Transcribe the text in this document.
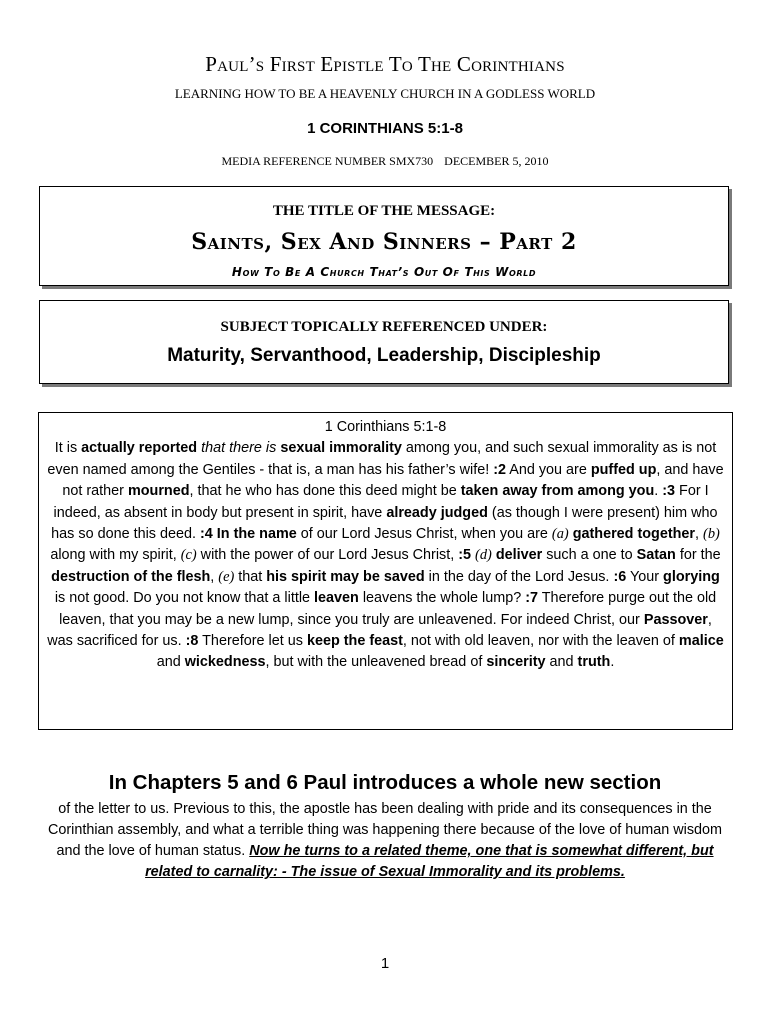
Paul’s First Epistle To The Corinthians
LEARNING HOW TO BE A HEAVENLY CHURCH IN A GODLESS WORLD
1 CORINTHIANS 5:1-8
MEDIA REFERENCE NUMBER SMX730 DECEMBER 5, 2010
THE TITLE OF THE MESSAGE:
Saints, Sex And Sinners – Part 2
How To Be A Church That’s Out Of This World
SUBJECT TOPICALLY REFERENCED UNDER:
Maturity, Servanthood, Leadership, Discipleship
1 Corinthians 5:1-8
It is actually reported that there is sexual immorality among you, and such sexual immorality as is not even named among the Gentiles - that is, a man has his father’s wife! :2 And you are puffed up, and have not rather mourned, that he who has done this deed might be taken away from among you. :3 For I indeed, as absent in body but present in spirit, have already judged (as though I were present) him who has so done this deed. :4 In the name of our Lord Jesus Christ, when you are (a) gathered together, (b) along with my spirit, (c) with the power of our Lord Jesus Christ, :5 (d) deliver such a one to Satan for the destruction of the flesh, (e) that his spirit may be saved in the day of the Lord Jesus. :6 Your glorying is not good. Do you not know that a little leaven leavens the whole lump? :7 Therefore purge out the old leaven, that you may be a new lump, since you truly are unleavened. For indeed Christ, our Passover, was sacrificed for us. :8 Therefore let us keep the feast, not with old leaven, nor with the leaven of malice and wickedness, but with the unleavened bread of sincerity and truth.
In Chapters 5 and 6 Paul introduces a whole new section
of the letter to us. Previous to this, the apostle has been dealing with pride and its consequences in the Corinthian assembly, and what a terrible thing was happening there because of the love of human wisdom and the love of human status. Now he turns to a related theme, one that is somewhat different, but related to carnality: - The issue of Sexual Immorality and its problems.
1
